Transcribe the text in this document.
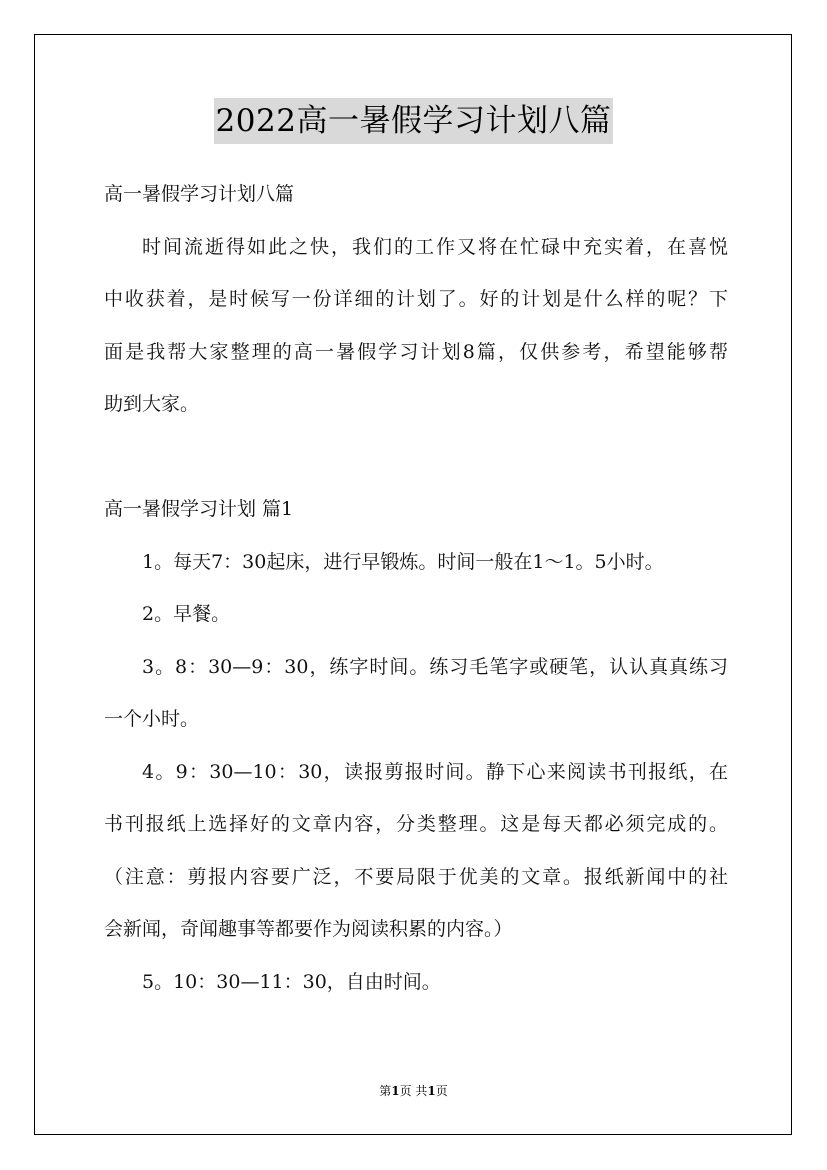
2022高一暑假学习计划八篇
高一暑假学习计划八篇
时间流逝得如此之快，我们的工作又将在忙碌中充实着，在喜悦
中收获着，是时候写一份详细的计划了。好的计划是什么样的呢？下
面是我帮大家整理的高一暑假学习计划8篇，仅供参考，希望能够帮
助到大家。
高一暑假学习计划 篇1
1。每天7：30起床，进行早锻炼。时间一般在1～1。5小时。
2。早餐。
3。8：30—9：30，练字时间。练习毛笔字或硬笔，认认真真练习
一个小时。
4。9：30—10：30，读报剪报时间。静下心来阅读书刊报纸，在
书刊报纸上选择好的文章内容，分类整理。这是每天都必须完成的。
（注意：剪报内容要广泛，不要局限于优美的文章。报纸新闻中的社
会新闻，奇闻趣事等都要作为阅读积累的内容。）
5。10：30—11：30，自由时间。
第1页 共1页
